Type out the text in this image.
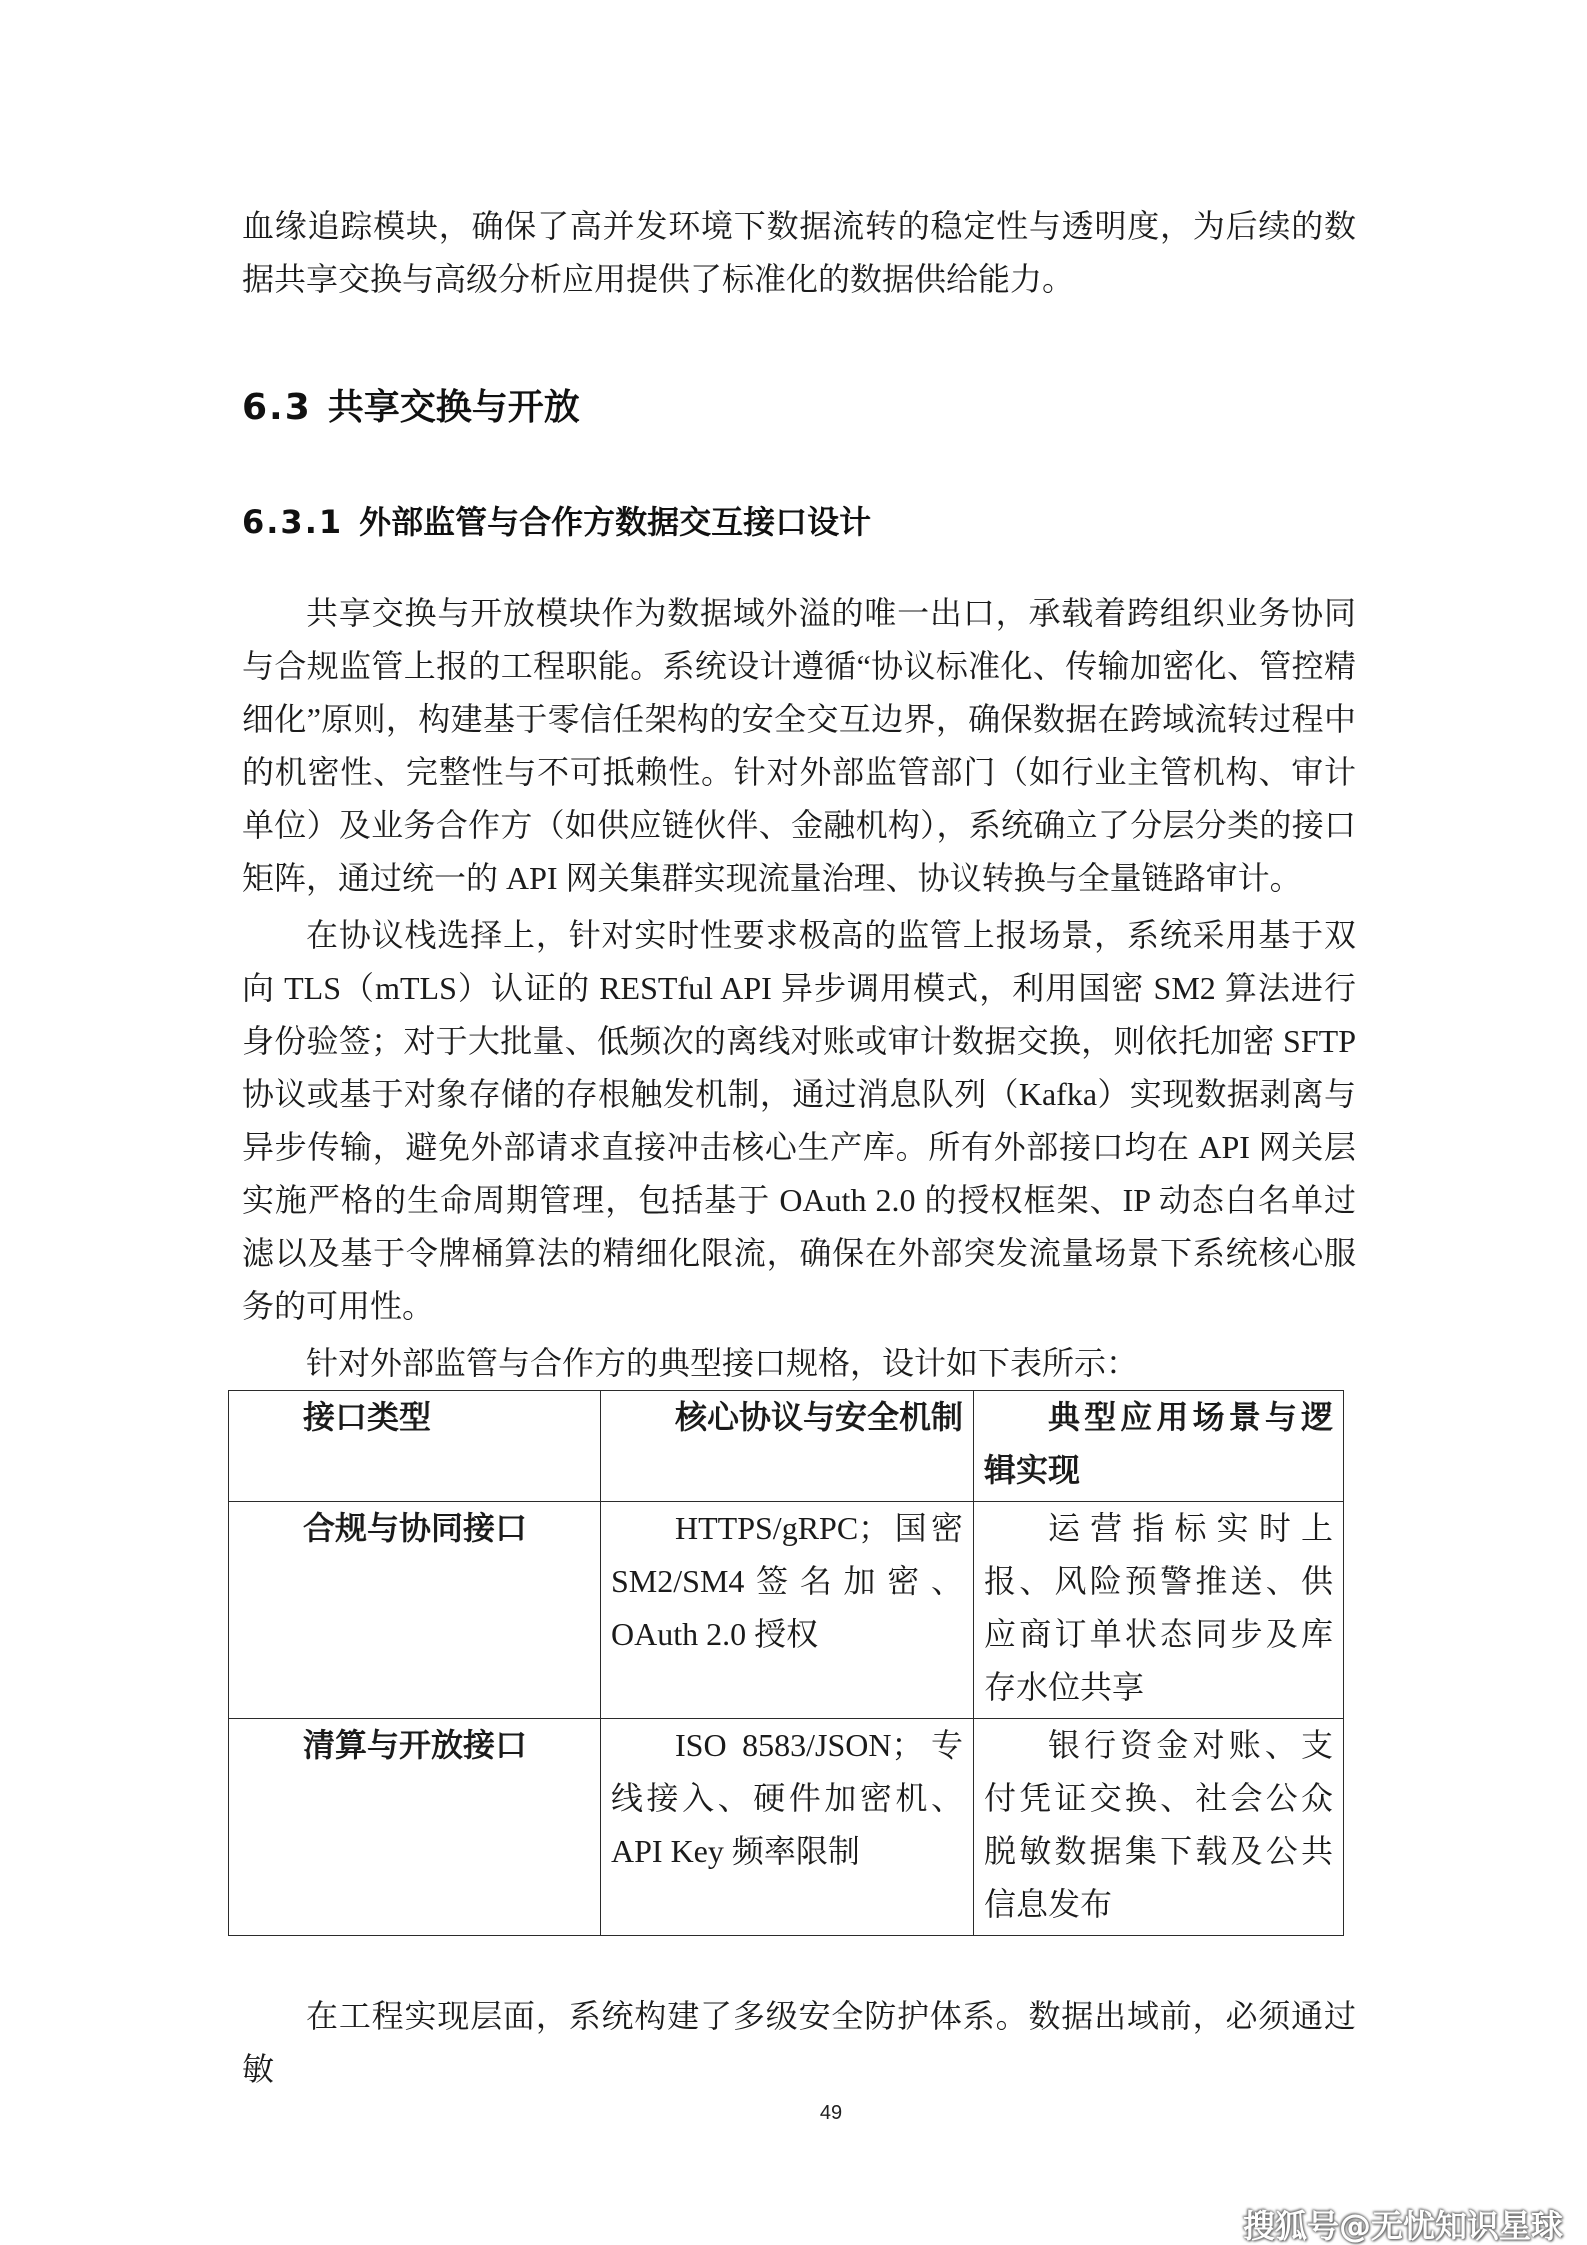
血缘追踪模块，确保了高并发环境下数据流转的稳定性与透明度，为后续的数据共享交换与高级分析应用提供了标准化的数据供给能力。

6.3 共享交换与开放
6.3.1 外部监管与合作方数据交互接口设计

共享交换与开放模块作为数据域外溢的唯一出口，承载着跨组织业务协同与合规监管上报的工程职能。系统设计遵循“协议标准化、传输加密化、管控精细化”原则，构建基于零信任架构的安全交互边界，确保数据在跨域流转过程中的机密性、完整性与不可抵赖性。针对外部监管部门（如行业主管机构、审计单位）及业务合作方（如供应链伙伴、金融机构），系统确立了分层分类的接口矩阵，通过统一的 API 网关集群实现流量治理、协议转换与全量链路审计。

在协议栈选择上，针对实时性要求极高的监管上报场景，系统采用基于双向 TLS（mTLS）认证的 RESTful API 异步调用模式，利用国密 SM2 算法进行身份验签；对于大批量、低频次的离线对账或审计数据交换，则依托加密 SFTP 协议或基于对象存储的存根触发机制，通过消息队列（Kafka）实现数据剥离与异步传输，避免外部请求直接冲击核心生产库。所有外部接口均在 API 网关层实施严格的生命周期管理，包括基于 OAuth 2.0 的授权框架、IP 动态白名单过滤以及基于令牌桶算法的精细化限流，确保在外部突发流量场景下系统核心服务的可用性。

针对外部监管与合作方的典型接口规格，设计如下表所示：

接口类型	核心协议与安全机制	典型应用场景与逻辑实现
合规与协同接口	HTTPS/gRPC；国密SM2/SM4签名加密、OAuth 2.0 授权	运营指标实时上报、风险预警推送、供应商订单状态同步及库存水位共享
清算与开放接口	ISO 8583/JSON；专线接入、硬件加密机、API Key 频率限制	银行资金对账、支付凭证交换、社会公众脱敏数据集下载及公共信息发布

在工程实现层面，系统构建了多级安全防护体系。数据出域前，必须通过敏

49
搜狐号@无忧知识星球
